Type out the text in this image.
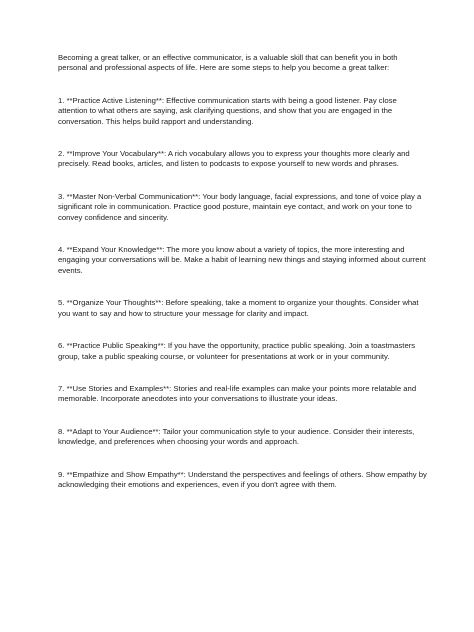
Becoming a great talker, or an effective communicator, is a valuable skill that can benefit you in both personal and professional aspects of life. Here are some steps to help you become a great talker:

1. **Practice Active Listening**: Effective communication starts with being a good listener. Pay close attention to what others are saying, ask clarifying questions, and show that you are engaged in the conversation. This helps build rapport and understanding.

2. **Improve Your Vocabulary**: A rich vocabulary allows you to express your thoughts more clearly and precisely. Read books, articles, and listen to podcasts to expose yourself to new words and phrases.

3. **Master Non-Verbal Communication**: Your body language, facial expressions, and tone of voice play a significant role in communication. Practice good posture, maintain eye contact, and work on your tone to convey confidence and sincerity.

4. **Expand Your Knowledge**: The more you know about a variety of topics, the more interesting and engaging your conversations will be. Make a habit of learning new things and staying informed about current events.

5. **Organize Your Thoughts**: Before speaking, take a moment to organize your thoughts. Consider what you want to say and how to structure your message for clarity and impact.

6. **Practice Public Speaking**: If you have the opportunity, practice public speaking. Join a toastmasters group, take a public speaking course, or volunteer for presentations at work or in your community.

7. **Use Stories and Examples**: Stories and real-life examples can make your points more relatable and memorable. Incorporate anecdotes into your conversations to illustrate your ideas.

8. **Adapt to Your Audience**: Tailor your communication style to your audience. Consider their interests, knowledge, and preferences when choosing your words and approach.

9. **Empathize and Show Empathy**: Understand the perspectives and feelings of others. Show empathy by acknowledging their emotions and experiences, even if you don't agree with them.
